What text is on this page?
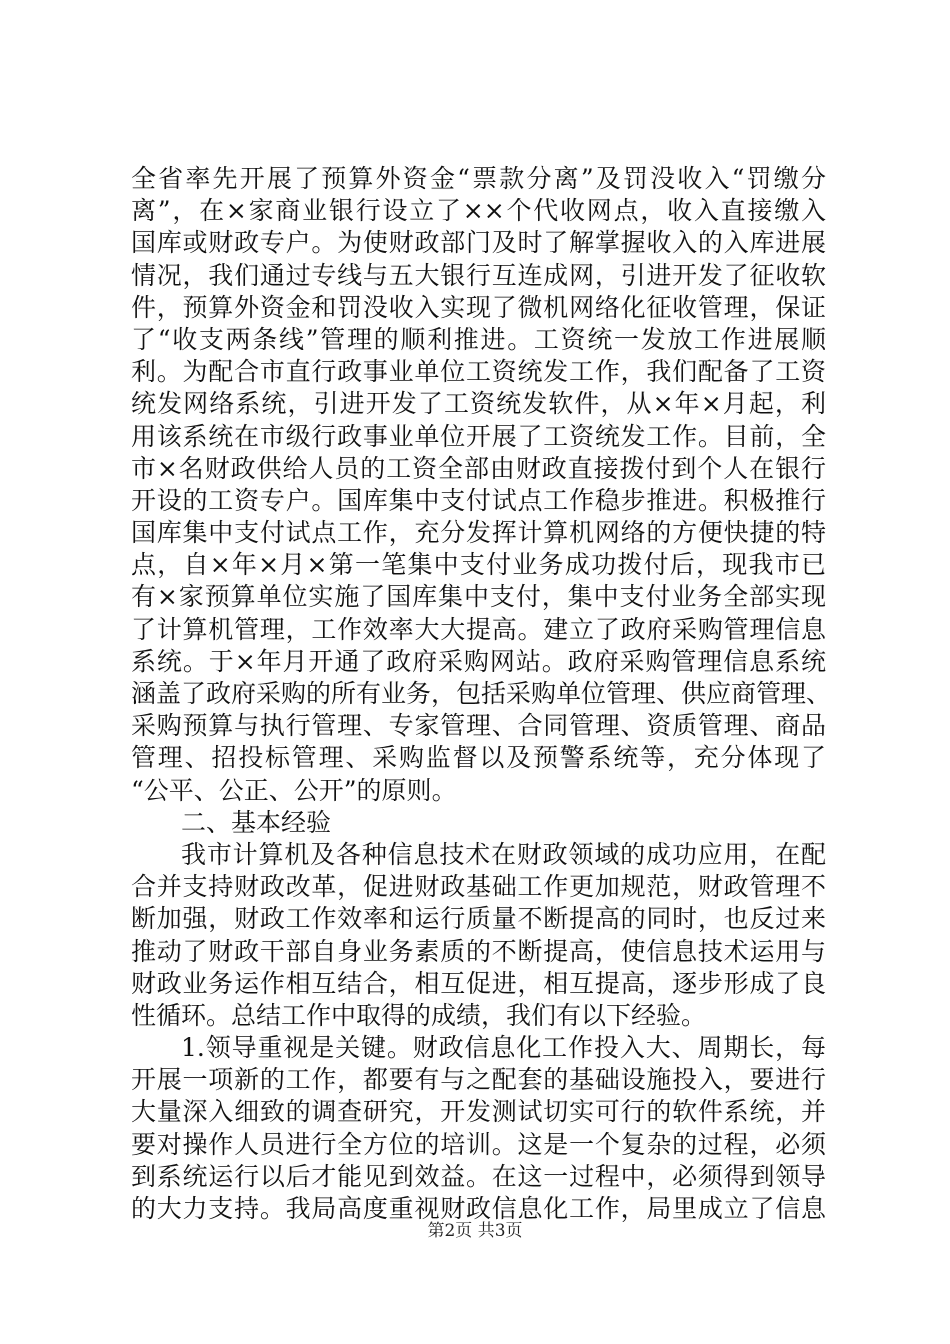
全省率先开展了预算外资金“票款分离”及罚没收入“罚缴分
离”，在×家商业银行设立了××个代收网点，收入直接缴入
国库或财政专户。为使财政部门及时了解掌握收入的入库进展
情况，我们通过专线与五大银行互连成网，引进开发了征收软
件，预算外资金和罚没收入实现了微机网络化征收管理，保证
了“收支两条线”管理的顺利推进。工资统一发放工作进展顺
利。为配合市直行政事业单位工资统发工作，我们配备了工资
统发网络系统，引进开发了工资统发软件，从×年×月起，利
用该系统在市级行政事业单位开展了工资统发工作。目前，全
市×名财政供给人员的工资全部由财政直接拨付到个人在银行
开设的工资专户。国库集中支付试点工作稳步推进。积极推行
国库集中支付试点工作，充分发挥计算机网络的方便快捷的特
点，自×年×月×第一笔集中支付业务成功拨付后，现我市已
有×家预算单位实施了国库集中支付，集中支付业务全部实现
了计算机管理，工作效率大大提高。建立了政府采购管理信息
系统。于×年月开通了政府采购网站。政府采购管理信息系统
涵盖了政府采购的所有业务，包括采购单位管理、供应商管理、
采购预算与执行管理、专家管理、合同管理、资质管理、商品
管理、招投标管理、采购监督以及预警系统等，充分体现了
“公平、公正、公开”的原则。
二、基本经验
我市计算机及各种信息技术在财政领域的成功应用，在配
合并支持财政改革，促进财政基础工作更加规范，财政管理不
断加强，财政工作效率和运行质量不断提高的同时，也反过来
推动了财政干部自身业务素质的不断提高，使信息技术运用与
财政业务运作相互结合，相互促进，相互提高，逐步形成了良
性循环。总结工作中取得的成绩，我们有以下经验。
1.领导重视是关键。财政信息化工作投入大、周期长，每
开展一项新的工作，都要有与之配套的基础设施投入，要进行
大量深入细致的调查研究，开发测试切实可行的软件系统，并
要对操作人员进行全方位的培训。这是一个复杂的过程，必须
到系统运行以后才能见到效益。在这一过程中，必须得到领导
的大力支持。我局高度重视财政信息化工作，局里成立了信息
第2页 共3页
